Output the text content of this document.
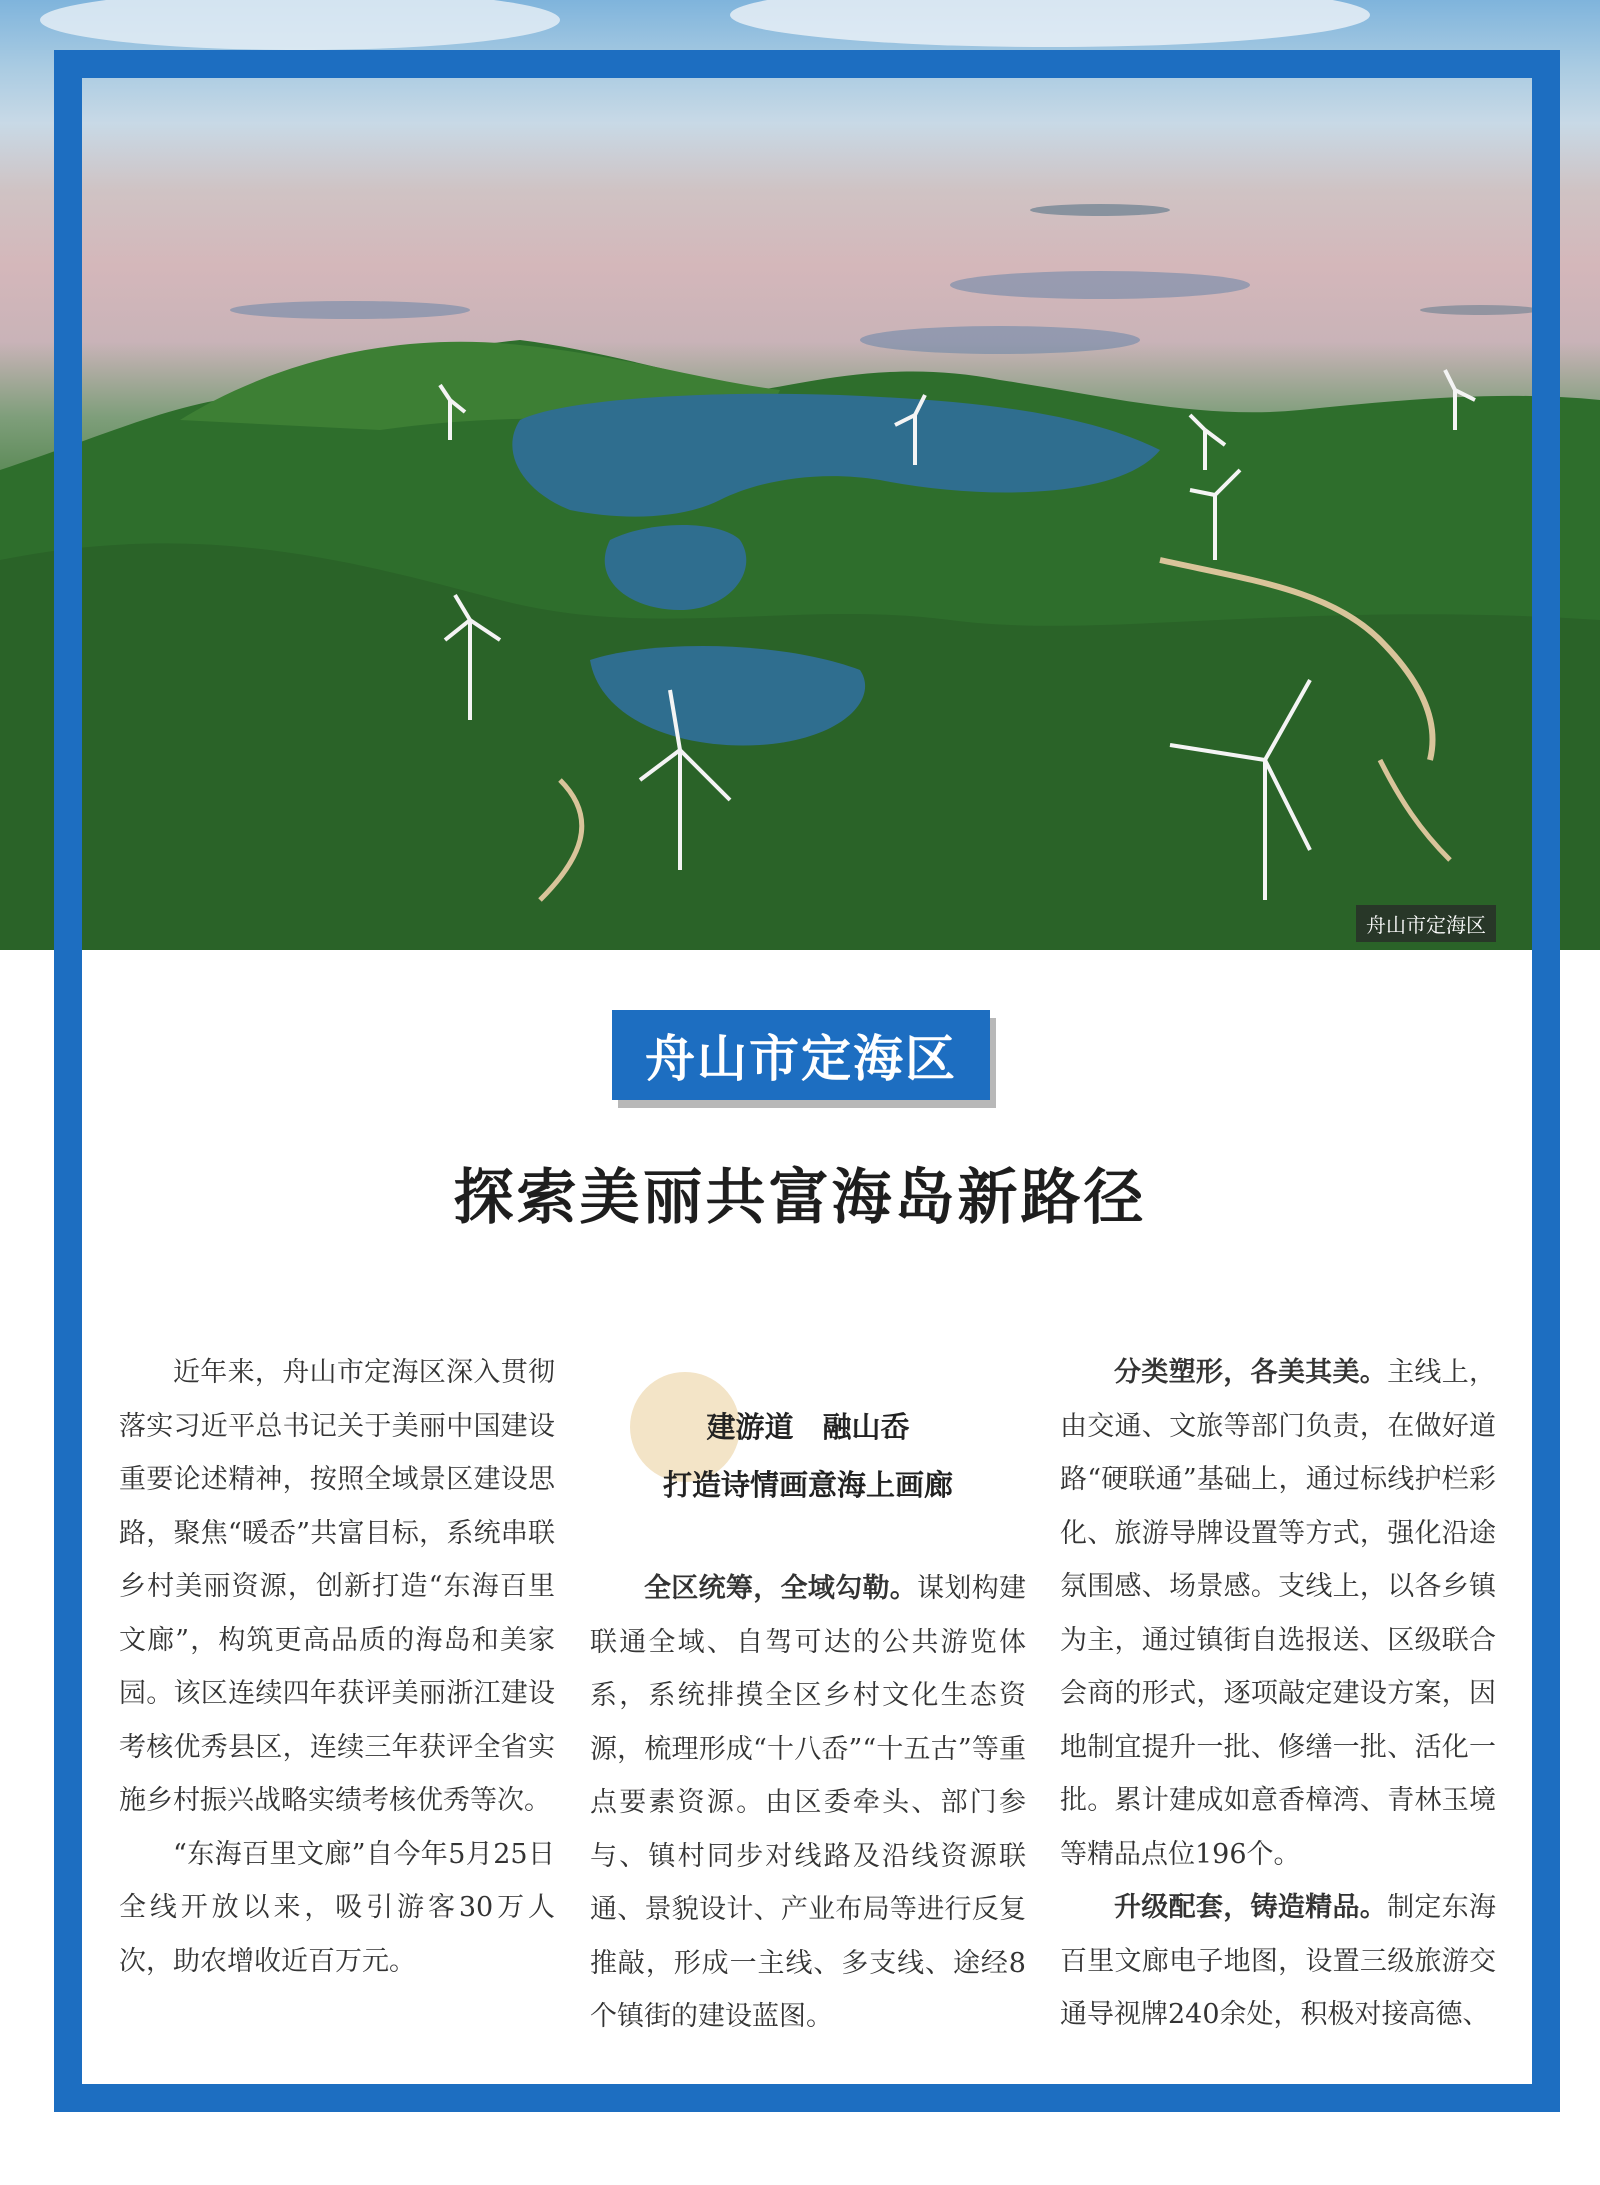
舟山市定海区
舟山市定海区
探索美丽共富海岛新路径

近年来，舟山市定海区深入贯彻落实习近平总书记关于美丽中国建设重要论述精神，按照全域景区建设思路，聚焦“暖岙”共富目标，系统串联乡村美丽资源，创新打造“东海百里文廊”，构筑更高品质的海岛和美家园。该区连续四年获评美丽浙江建设考核优秀县区，连续三年获评全省实施乡村振兴战略实绩考核优秀等次。

“东海百里文廊”自今年5月25日全线开放以来，吸引游客30万人次，助农增收近百万元。

建游道　融山岙
打造诗情画意海上画廊

全区统筹，全域勾勒。谋划构建联通全域、自驾可达的公共游览体系，系统排摸全区乡村文化生态资源，梳理形成“十八岙”“十五古”等重点要素资源。由区委牵头、部门参与、镇村同步对线路及沿线资源联通、景貌设计、产业布局等进行反复推敲，形成一主线、多支线、途经8个镇街的建设蓝图。

分类塑形，各美其美。主线上，由交通、文旅等部门负责，在做好道路“硬联通”基础上，通过标线护栏彩化、旅游导牌设置等方式，强化沿途氛围感、场景感。支线上，以各乡镇为主，通过镇街自选报送、区级联合会商的形式，逐项敲定建设方案，因地制宜提升一批、修缮一批、活化一批。累计建成如意香樟湾、青林玉境等精品点位196个。

升级配套，铸造精品。制定东海百里文廊电子地图，设置三级旅游交通导视牌240余处，积极对接高德、
